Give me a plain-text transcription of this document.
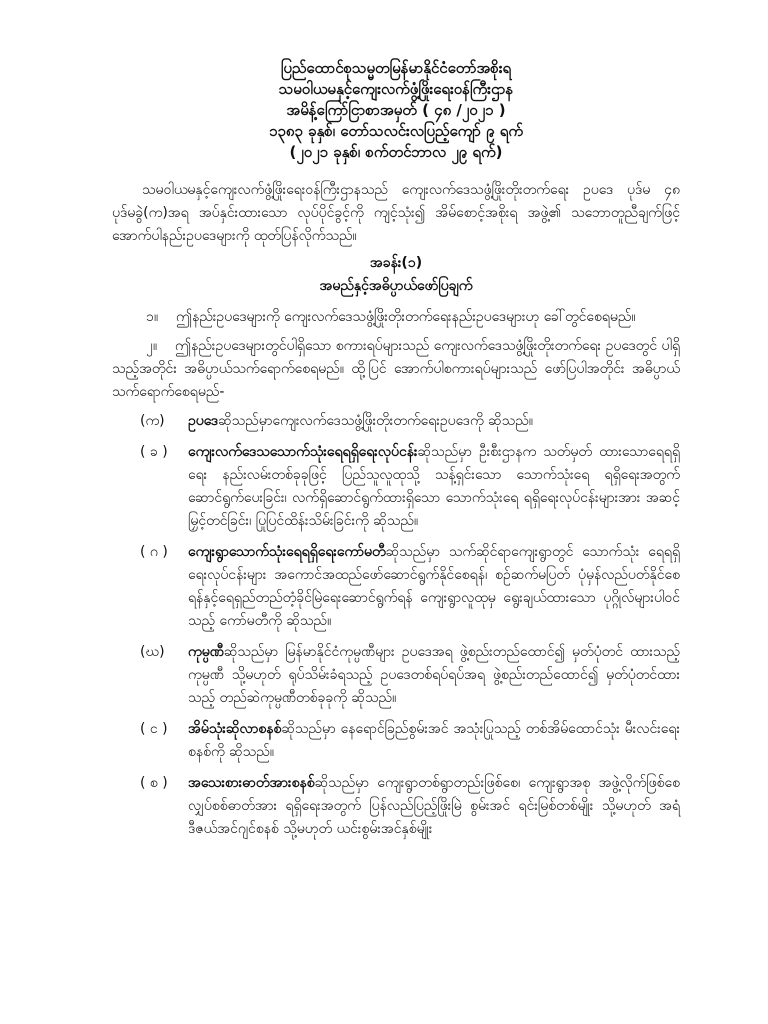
ပြည်ထောင်စုသမ္မတမြန်မာနိုင်ငံတော်အစိုးရ
သမဝါယမနှင့်ကျေးလက်ဖွံ့ဖြိုးရေးဝန်ကြီးဌာန
အမိန့်ကြော်ငြာစာအမှတ် ( ၄၈ /၂၀၂၁ )
၁၃၈၃ ခုနှစ်၊ တော်သလင်းလပြည့်ကျော် ၉ ရက်
(၂၀၂၁ ခုနှစ်၊ စက်တင်ဘာလ ၂၉ ရက်)

သမဝါယမနှင့်ကျေးလက်ဖွံ့ဖြိုးရေးဝန်ကြီးဌာနသည် ကျေးလက်ဒေသဖွံ့ဖြိုးတိုးတက်ရေး ဥပဒေ ပုဒ်မ ၄၈ ပုဒ်မခွဲ(က)အရ အပ်နှင်းထားသော လုပ်ပိုင်ခွင့်ကို ကျင့်သုံး၍ အိမ်စောင့်အစိုးရ အဖွဲ့၏ သဘောတူညီချက်ဖြင့် အောက်ပါနည်းဥပဒေများကို ထုတ်ပြန်လိုက်သည်။

အခန်း(၁)
အမည်နှင့်အဓိပ္ပာယ်ဖော်ပြချက်

၁။ ဤနည်းဥပဒေများကို ကျေးလက်ဒေသဖွံ့ဖြိုးတိုးတက်ရေးနည်းဥပဒေများဟု ခေါ်တွင်စေရမည်။

၂။ ဤနည်းဥပဒေများတွင်ပါရှိသော စကားရပ်များသည် ကျေးလက်ဒေသဖွံ့ဖြိုးတိုးတက်ရေး ဥပဒေတွင် ပါရှိသည့်အတိုင်း အဓိပ္ပာယ်သက်ရောက်စေရမည်။ ထို့ပြင် အောက်ပါစကားရပ်များသည် ဖော်ပြပါအတိုင်း အဓိပ္ပာယ်သက်ရောက်စေရမည်-

(က)	ဥပဒေဆိုသည်မှာကျေးလက်ဒေသဖွံ့ဖြိုးတိုးတက်ရေးဥပဒေကို ဆိုသည်။
( ခ )	ကျေးလက်ဒေသသောက်သုံးရေရရှိရေးလုပ်ငန်းဆိုသည်မှာ ဦးစီးဌာနက သတ်မှတ် ထားသောရေရရှိရေး နည်းလမ်းတစ်ခုခုဖြင့် ပြည်သူလူထုသို့ သန့်ရှင်းသော သောက်သုံးရေ ရရှိရေးအတွက်ဆောင်ရွက်ပေးခြင်း၊ လက်ရှိဆောင်ရွက်ထားရှိသော သောက်သုံးရေ ရရှိရေးလုပ်ငန်းများအား အဆင့်မြှင့်တင်ခြင်း၊ ပြုပြင်ထိန်းသိမ်းခြင်းကို ဆိုသည်။
( ဂ )	ကျေးရွာသောက်သုံးရေရရှိရေးကော်မတီဆိုသည်မှာ သက်ဆိုင်ရာကျေးရွာတွင် သောက်သုံး ရေရရှိရေးလုပ်ငန်းများ အကောင်အထည်ဖော်ဆောင်ရွက်နိုင်စေရန်၊ စဉ်ဆက်မပြတ် ပုံမှန်လည်ပတ်နိုင်စေရန်နှင့်ရေရှည်တည်တံ့ခိုင်မြဲရေးဆောင်ရွက်ရန် ကျေးရွာလူထုမှ ရွေးချယ်ထားသော ပုဂ္ဂိုလ်များပါဝင်သည့် ကော်မတီကို ဆိုသည်။
(ဃ)	ကုမ္ပဏီဆိုသည်မှာ မြန်မာနိုင်ငံကုမ္ပဏီများ ဥပဒေအရ ဖွဲ့စည်းတည်ထောင်၍ မှတ်ပုံတင် ထားသည့်ကုမ္ပဏီ သို့မဟုတ် ရုပ်သိမ်းခံရသည့် ဥပဒေတစ်ရပ်ရပ်အရ ဖွဲ့စည်းတည်ထောင်၍ မှတ်ပုံတင်ထားသည့် တည်ဆဲကုမ္ပဏီတစ်ခုခုကို ဆိုသည်။
( င )	အိမ်သုံးဆိုလာစနစ်ဆိုသည်မှာ နေရောင်ခြည်စွမ်းအင် အသုံးပြုသည့် တစ်အိမ်ထောင်သုံး မီးလင်းရေးစနစ်ကို ဆိုသည်။
( စ )	အသေးစားဓာတ်အားစနစ်ဆိုသည်မှာ ကျေးရွာတစ်ရွာတည်းဖြစ်စေ၊ ကျေးရွာအစု အဖွဲ့လိုက်ဖြစ်စေ လျှပ်စစ်ဓာတ်အား ရရှိရေးအတွက် ပြန်လည်ပြည့်ဖြိုးမြဲ စွမ်းအင် ရင်းမြစ်တစ်မျိုး သို့မဟုတ် အရံဒီဇယ်အင်ဂျင်စနစ် သို့မဟုတ် ယင်းစွမ်းအင်နှစ်မျိုး
